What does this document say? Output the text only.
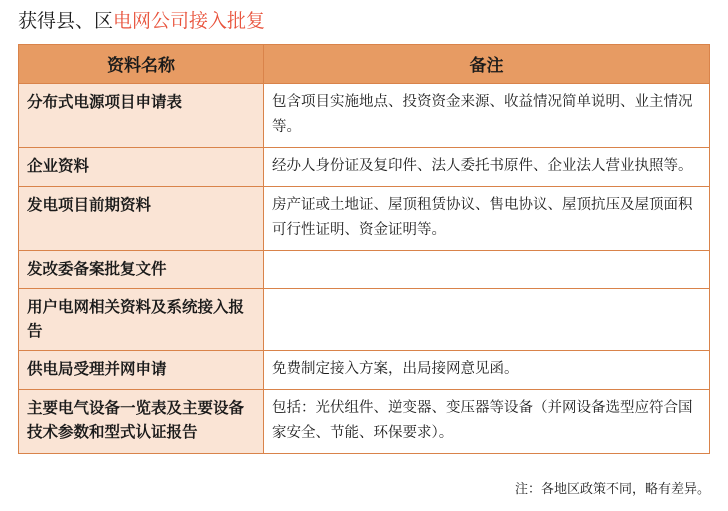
获得县、区电网公司接入批复
资料名称	备注
分布式电源项目申请表	包含项目实施地点、投资资金来源、收益情况简单说明、业主情况等。
企业资料	经办人身份证及复印件、法人委托书原件、企业法人营业执照等。
发电项目前期资料	房产证或土地证、屋顶租赁协议、售电协议、屋顶抗压及屋顶面积可行性证明、资金证明等。
发改委备案批复文件	
用户电网相关资料及系统接入报告	
供电局受理并网申请	免费制定接入方案，出局接网意见函。
主要电气设备一览表及主要设备技术参数和型式认证报告	包括：光伏组件、逆变器、变压器等设备（并网设备选型应符合国家安全、节能、环保要求）。
注：各地区政策不同，略有差异。
